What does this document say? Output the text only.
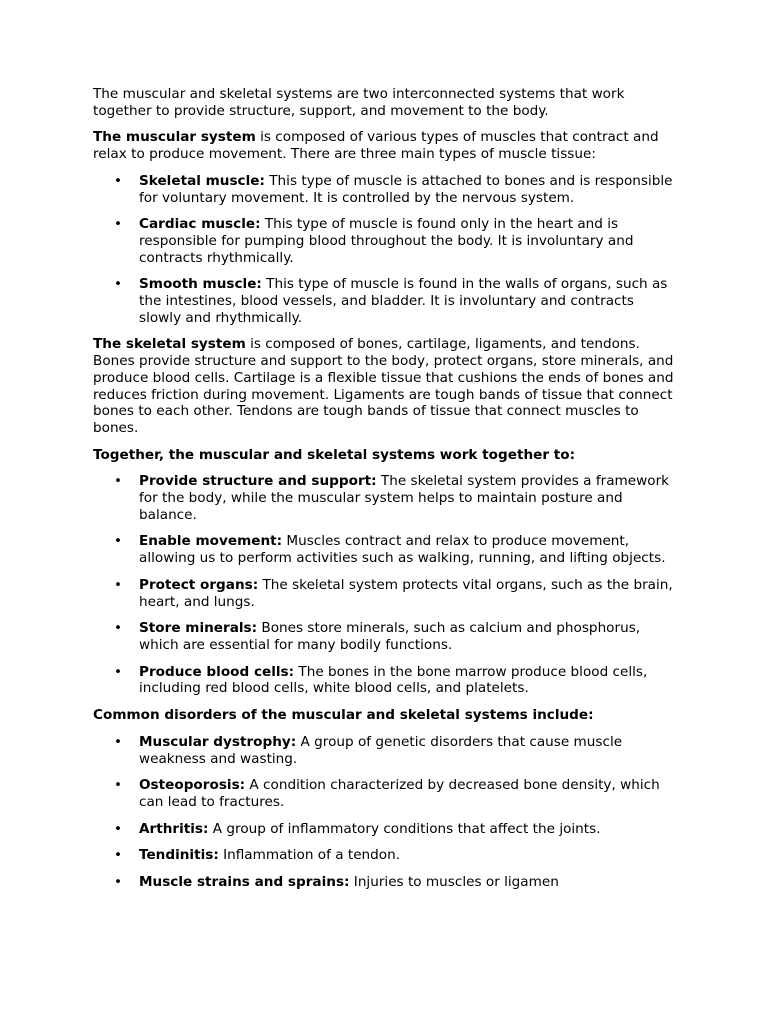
The muscular and skeletal systems are two interconnected systems that work together to provide structure, support, and movement to the body.

The muscular system is composed of various types of muscles that contract and relax to produce movement. There are three main types of muscle tissue:

• Skeletal muscle: This type of muscle is attached to bones and is responsible for voluntary movement. It is controlled by the nervous system.
• Cardiac muscle: This type of muscle is found only in the heart and is responsible for pumping blood throughout the body. It is involuntary and contracts rhythmically.
• Smooth muscle: This type of muscle is found in the walls of organs, such as the intestines, blood vessels, and bladder. It is involuntary and contracts slowly and rhythmically.

The skeletal system is composed of bones, cartilage, ligaments, and tendons. Bones provide structure and support to the body, protect organs, store minerals, and produce blood cells. Cartilage is a flexible tissue that cushions the ends of bones and reduces friction during movement. Ligaments are tough bands of tissue that connect bones to each other. Tendons are tough bands of tissue that connect muscles to bones.

Together, the muscular and skeletal systems work together to:

• Provide structure and support: The skeletal system provides a framework for the body, while the muscular system helps to maintain posture and balance.
• Enable movement: Muscles contract and relax to produce movement, allowing us to perform activities such as walking, running, and lifting objects.
• Protect organs: The skeletal system protects vital organs, such as the brain, heart, and lungs.
• Store minerals: Bones store minerals, such as calcium and phosphorus, which are essential for many bodily functions.
• Produce blood cells: The bones in the bone marrow produce blood cells, including red blood cells, white blood cells, and platelets.

Common disorders of the muscular and skeletal systems include:

• Muscular dystrophy: A group of genetic disorders that cause muscle weakness and wasting.
• Osteoporosis: A condition characterized by decreased bone density, which can lead to fractures.
• Arthritis: A group of inflammatory conditions that affect the joints.
• Tendinitis: Inflammation of a tendon.
• Muscle strains and sprains: Injuries to muscles or ligamen
